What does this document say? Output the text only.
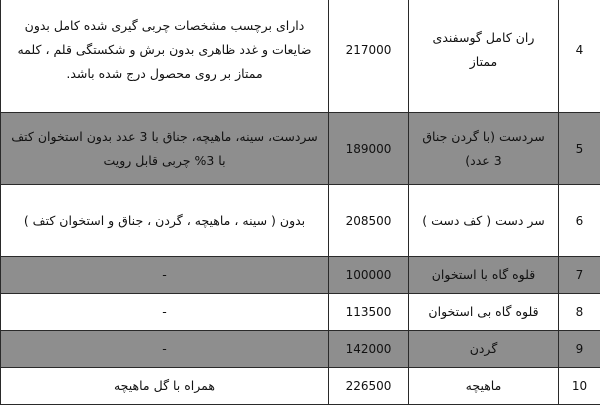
دارای برچسب مشخصات چربی گیری شده کامل بدون ضایعات و غدد ظاهری بدون برش و شکستگی قلم ، کلمه ممتاز بر روی محصول درج شده باشد.	217000	ران کامل گوسفندی ممتاز	4
سردست، سینه، ماهیچه، جناق با 3 عدد بدون استخوان کتف با 3% چربی قابل رویت	189000	سردست (با گردن جناق 3 عدد)	5
بدون ( سینه ، ماهیچه ، گردن ، جناق و استخوان کتف )	208500	سر دست ( کف دست )	6
-	100000	قلوه گاه با استخوان	7
-	113500	قلوه گاه بی استخوان	8
-	142000	گردن	9
همراه با گل ماهیچه	226500	ماهیچه	10
